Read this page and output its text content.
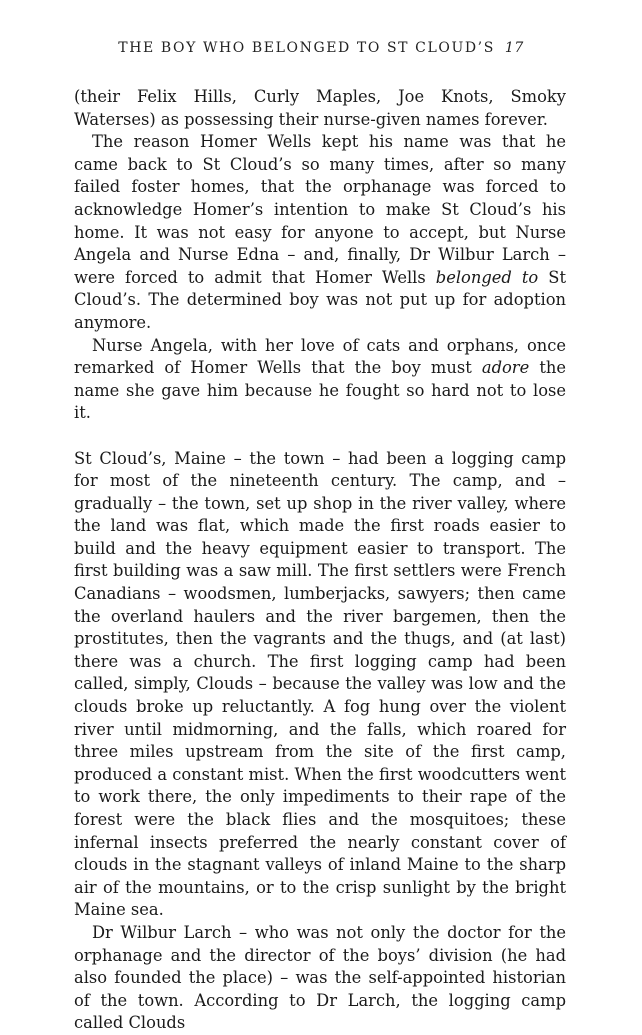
THE BOY WHO BELONGED TO ST CLOUD’S 17

(their Felix Hills, Curly Maples, Joe Knots, Smoky Waterses) as possessing their nurse-given names forever.

The reason Homer Wells kept his name was that he came back to St Cloud’s so many times, after so many failed foster homes, that the orphanage was forced to acknowledge Homer’s intention to make St Cloud’s his home. It was not easy for anyone to accept, but Nurse Angela and Nurse Edna – and, finally, Dr Wilbur Larch – were forced to admit that Homer Wells belonged to St Cloud’s. The determined boy was not put up for adoption anymore.

Nurse Angela, with her love of cats and orphans, once remarked of Homer Wells that the boy must adore the name she gave him because he fought so hard not to lose it.

St Cloud’s, Maine – the town – had been a logging camp for most of the nineteenth century. The camp, and – gradually – the town, set up shop in the river valley, where the land was flat, which made the first roads easier to build and the heavy equipment easier to transport. The first building was a saw mill. The first settlers were French Canadians – woodsmen, lumberjacks, sawyers; then came the overland haulers and the river bargemen, then the prostitutes, then the vagrants and the thugs, and (at last) there was a church. The first logging camp had been called, simply, Clouds – because the valley was low and the clouds broke up reluctantly. A fog hung over the violent river until midmorning, and the falls, which roared for three miles upstream from the site of the first camp, produced a constant mist. When the first woodcutters went to work there, the only impediments to their rape of the forest were the black flies and the mosquitoes; these infernal insects preferred the nearly constant cover of clouds in the stagnant valleys of inland Maine to the sharp air of the mountains, or to the crisp sunlight by the bright Maine sea.

Dr Wilbur Larch – who was not only the doctor for the orphanage and the director of the boys’ division (he had also founded the place) – was the self-appointed historian of the town. According to Dr Larch, the logging camp called Clouds
